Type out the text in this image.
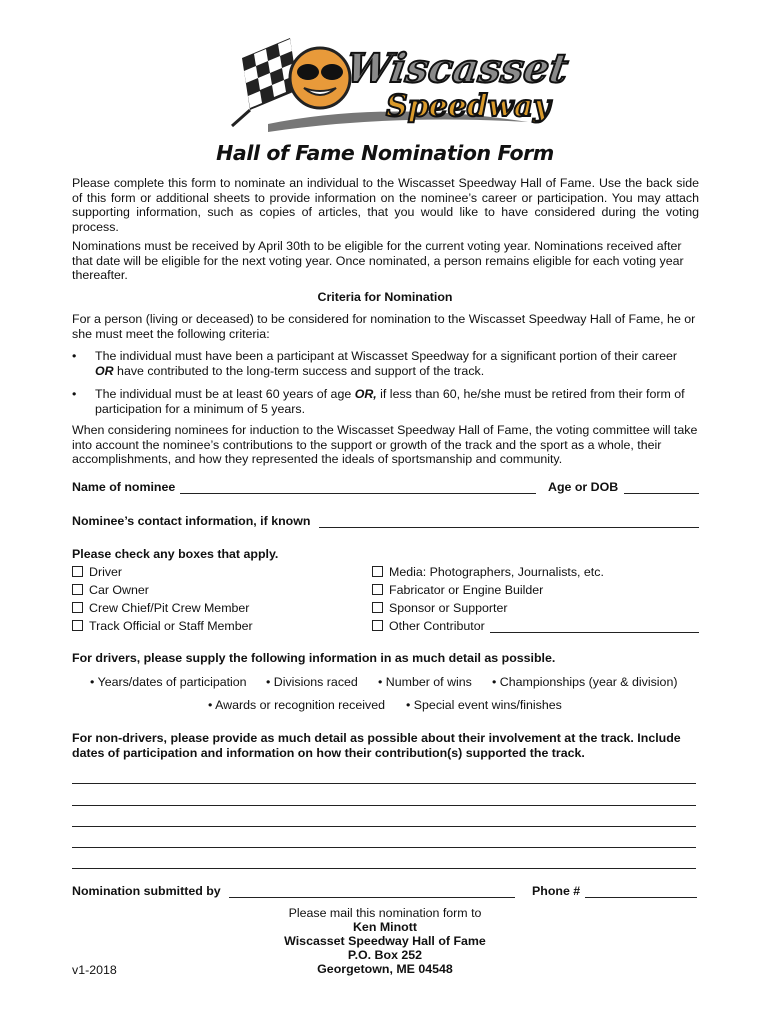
Wiscasset
Speedway
Hall of Fame Nomination Form

Please complete this form to nominate an individual to the Wiscasset Speedway Hall of Fame. Use the back side of this form or additional sheets to provide information on the nominee’s career or participation. You may attach supporting information, such as copies of articles, that you would like to have considered during the voting process.

Nominations must be received by April 30th to be eligible for the current voting year. Nominations received after that date will be eligible for the next voting year. Once nominated, a person remains eligible for each voting year thereafter.

Criteria for Nomination

For a person (living or deceased) to be considered for nomination to the Wiscasset Speedway Hall of Fame, he or she must meet the following criteria:

• The individual must have been a participant at Wiscasset Speedway for a significant portion of their career OR have contributed to the long-term success and support of the track.
• The individual must be at least 60 years of age OR, if less than 60, he/she must be retired from their form of participation for a minimum of 5 years.

When considering nominees for induction to the Wiscasset Speedway Hall of Fame, the voting committee will take into account the nominee’s contributions to the support or growth of the track and the sport as a whole, their accomplishments, and how they represented the ideals of sportsmanship and community.

Name of nominee	Age or DOB
Nominee’s contact information, if known
Please check any boxes that apply.
Driver
Car Owner
Crew Chief/Pit Crew Member
Track Official or Staff Member
Media: Photographers, Journalists, etc.
Fabricator or Engine Builder
Sponsor or Supporter
Other Contributor
For drivers, please supply the following information in as much detail as possible.
• Years/dates of participation • Divisions raced • Number of wins • Championships (year & division)
• Awards or recognition received • Special event wins/finishes

For non-drivers, please provide as much detail as possible about their involvement at the track. Include dates of participation and information on how their contribution(s) supported the track.

Nomination submitted by	Phone #
Please mail this nomination form to
Ken Minott
Wiscasset Speedway Hall of Fame
P.O. Box 252
Georgetown, ME 04548
v1-2018
